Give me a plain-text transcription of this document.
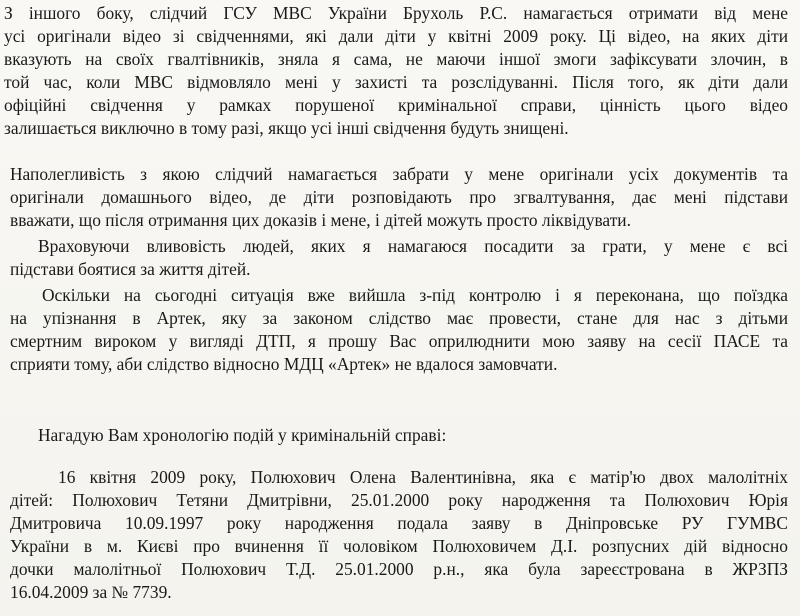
З іншого боку, слідчий ГСУ МВС України Брухоль Р.С. намагається отримати від мене
усі оригінали відео зі свідченнями, які дали діти у квітні 2009 року. Ці відео, на яких діти
вказують на своїх гвалтівників, зняла я сама, не маючи іншої змоги зафіксувати злочин, в
той час, коли МВС відмовляло мені у захисті та розслідуванні. Після того, як діти дали
офіційні свідчення у рамках порушеної кримінальної справи, цінність цього відео
залишається виключно в тому разі, якщо усі інші свідчення будуть знищені.
Наполегливість з якою слідчий намагається забрати у мене оригінали усіх документів та
оригінали домашнього відео, де діти розповідають про згвалтування, дає мені підстави
вважати, що після отримання цих доказів і мене, і дітей можуть просто ліквідувати.
Враховуючи вливовість людей, яких я намагаюся посадити за грати, у мене є всі
підстави боятися за життя дітей.
Оскільки на сьогодні ситуація вже вийшла з-під контролю і я переконана, що поїздка
на упізнання в Артек, яку за законом слідство має провести, стане для нас з дітьми
смертним вироком у вигляді ДТП, я прошу Вас оприлюднити мою заяву на сесії ПАСЕ та
сприяти тому, аби слідство відносно МДЦ «Артек» не вдалося замовчати.
Нагадую Вам хронологію подій у кримінальній справі:
16 квітня 2009 року, Полюхович Олена Валентинівна, яка є матір'ю двох малолітніх
дітей: Полюхович Тетяни Дмитрівни, 25.01.2000 року народження та Полюхович Юрія
Дмитровича 10.09.1997 року народження подала заяву в Дніпровське РУ ГУМВС
України в м. Києві про вчинення її чоловіком Полюховичем Д.І. розпусних дій відносно
дочки малолітньої Полюхович Т.Д. 25.01.2000 р.н., яка була зареєстрована в ЖРЗПЗ
16.04.2009 за № 7739.
